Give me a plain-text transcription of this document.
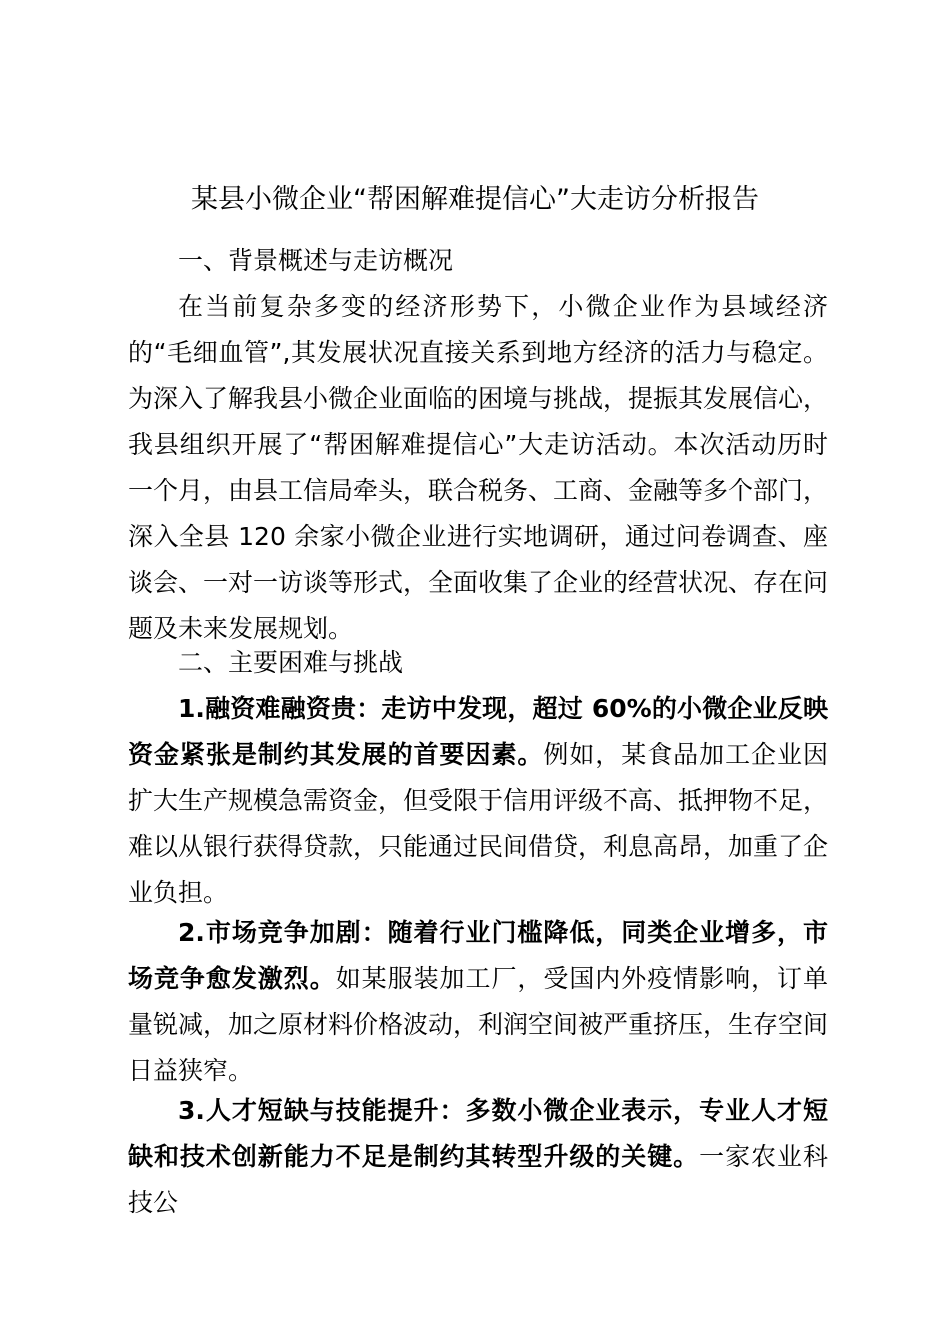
某县小微企业“帮困解难提信心”大走访分析报告
一、背景概述与走访概况

在当前复杂多变的经济形势下，小微企业作为县域经济的“毛细血管”,其发展状况直接关系到地方经济的活力与稳定。为深入了解我县小微企业面临的困境与挑战，提振其发展信心，我县组织开展了“帮困解难提信心”大走访活动。本次活动历时一个月，由县工信局牵头，联合税务、工商、金融等多个部门，深入全县 120 余家小微企业进行实地调研，通过问卷调查、座谈会、一对一访谈等形式，全面收集了企业的经营状况、存在问题及未来发展规划。

二、主要困难与挑战

1.融资难融资贵：走访中发现，超过 60%的小微企业反映资金紧张是制约其发展的首要因素。例如，某食品加工企业因扩大生产规模急需资金，但受限于信用评级不高、抵押物不足，难以从银行获得贷款，只能通过民间借贷，利息高昂，加重了企业负担。

2.市场竞争加剧：随着行业门槛降低，同类企业增多，市场竞争愈发激烈。如某服装加工厂，受国内外疫情影响，订单量锐减，加之原材料价格波动，利润空间被严重挤压，生存空间日益狭窄。

3.人才短缺与技能提升：多数小微企业表示，专业人才短缺和技术创新能力不足是制约其转型升级的关键。一家农业科技公
